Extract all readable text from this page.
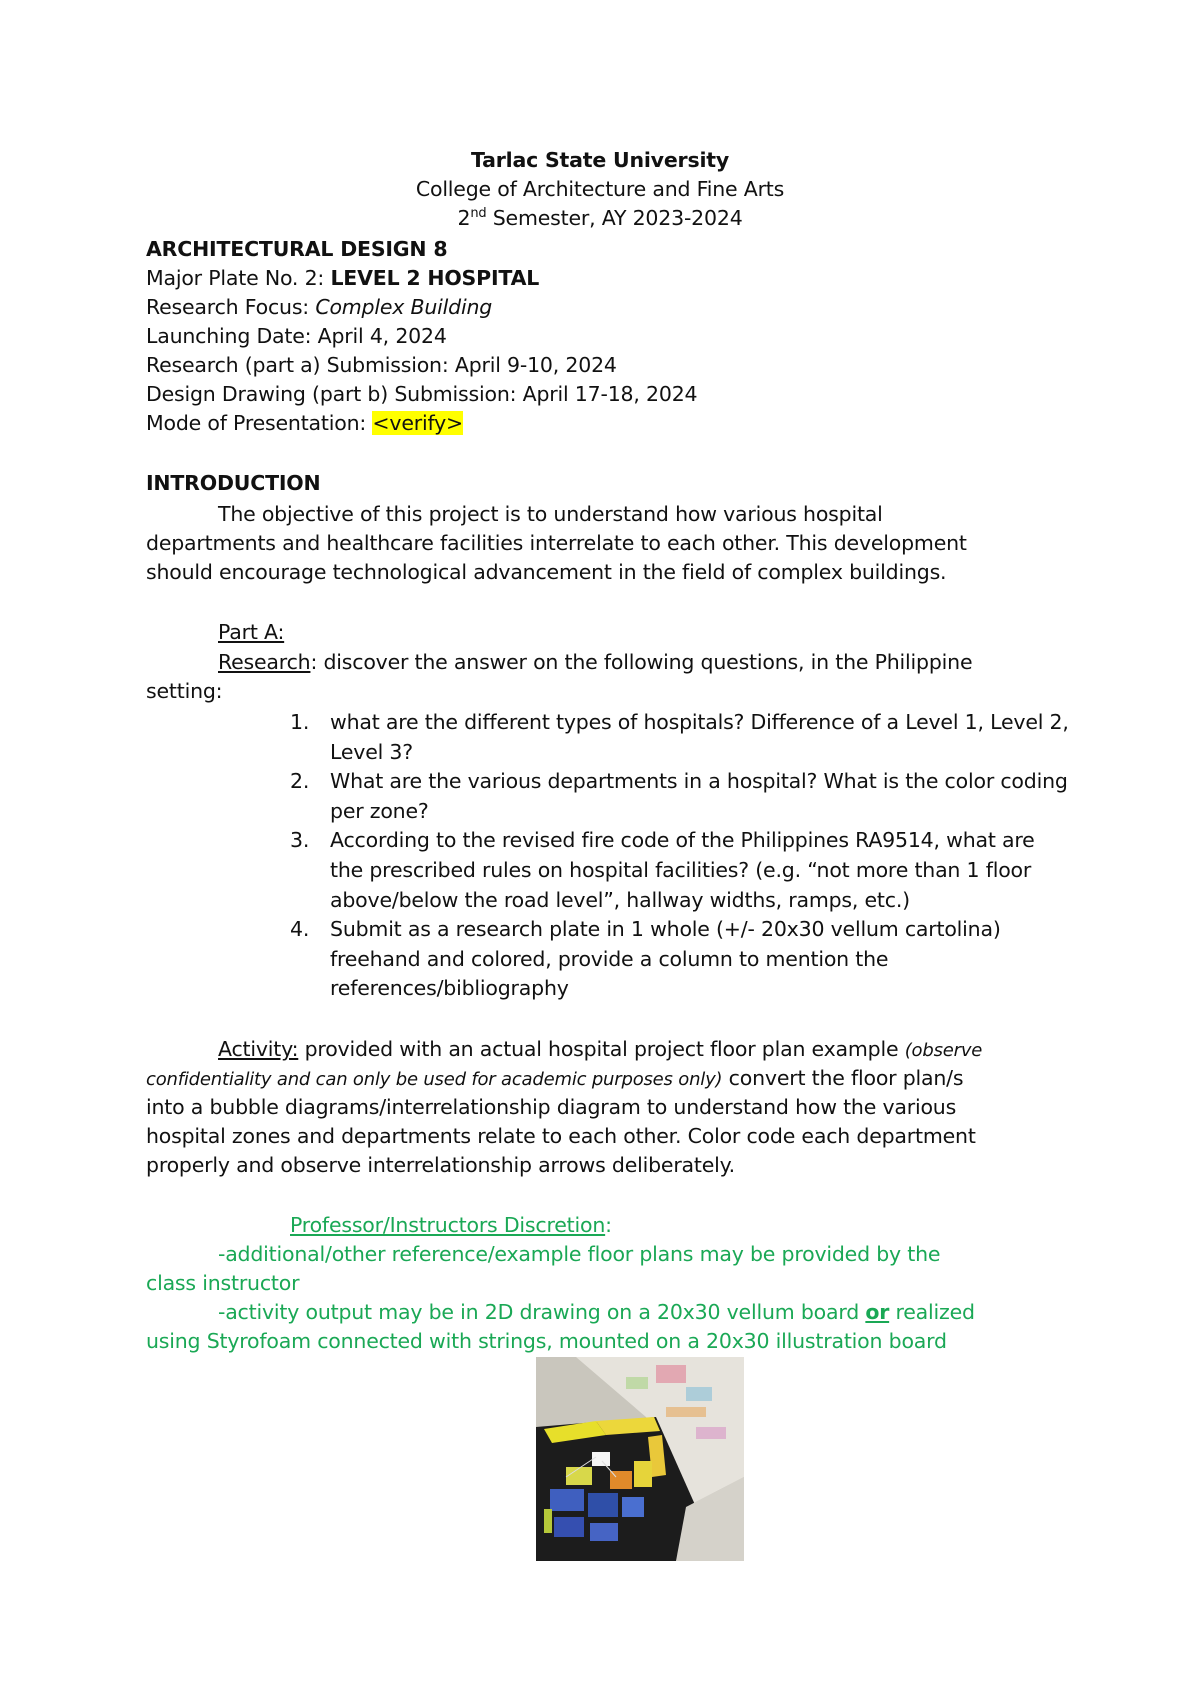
Tarlac State University
College of Architecture and Fine Arts
2nd Semester, AY 2023-2024
ARCHITECTURAL DESIGN 8
Major Plate No. 2: LEVEL 2 HOSPITAL
Research Focus: Complex Building
Launching Date: April 4, 2024
Research (part a) Submission: April 9-10, 2024
Design Drawing (part b) Submission: April 17-18, 2024
Mode of Presentation: <verify>
INTRODUCTION
The objective of this project is to understand how various hospital
departments and healthcare facilities interrelate to each other. This development
should encourage technological advancement in the field of complex buildings.
Part A:
Research: discover the answer on the following questions, in the Philippine
setting:
1. what are the different types of hospitals? Difference of a Level 1, Level 2, Level 3?
2. What are the various departments in a hospital? What is the color coding per zone?
3. According to the revised fire code of the Philippines RA9514, what are the prescribed rules on hospital facilities? (e.g. “not more than 1 floor above/below the road level”, hallway widths, ramps, etc.)
4. Submit as a research plate in 1 whole (+/- 20x30 vellum cartolina) freehand and colored, provide a column to mention the references/bibliography
Activity: provided with an actual hospital project floor plan example (observe
confidentiality and can only be used for academic purposes only) convert the floor plan/s
into a bubble diagrams/interrelationship diagram to understand how the various
hospital zones and departments relate to each other. Color code each department
properly and observe interrelationship arrows deliberately.
Professor/Instructors Discretion:
-additional/other reference/example floor plans may be provided by the
class instructor
-activity output may be in 2D drawing on a 20x30 vellum board or realized
using Styrofoam connected with strings, mounted on a 20x30 illustration board
